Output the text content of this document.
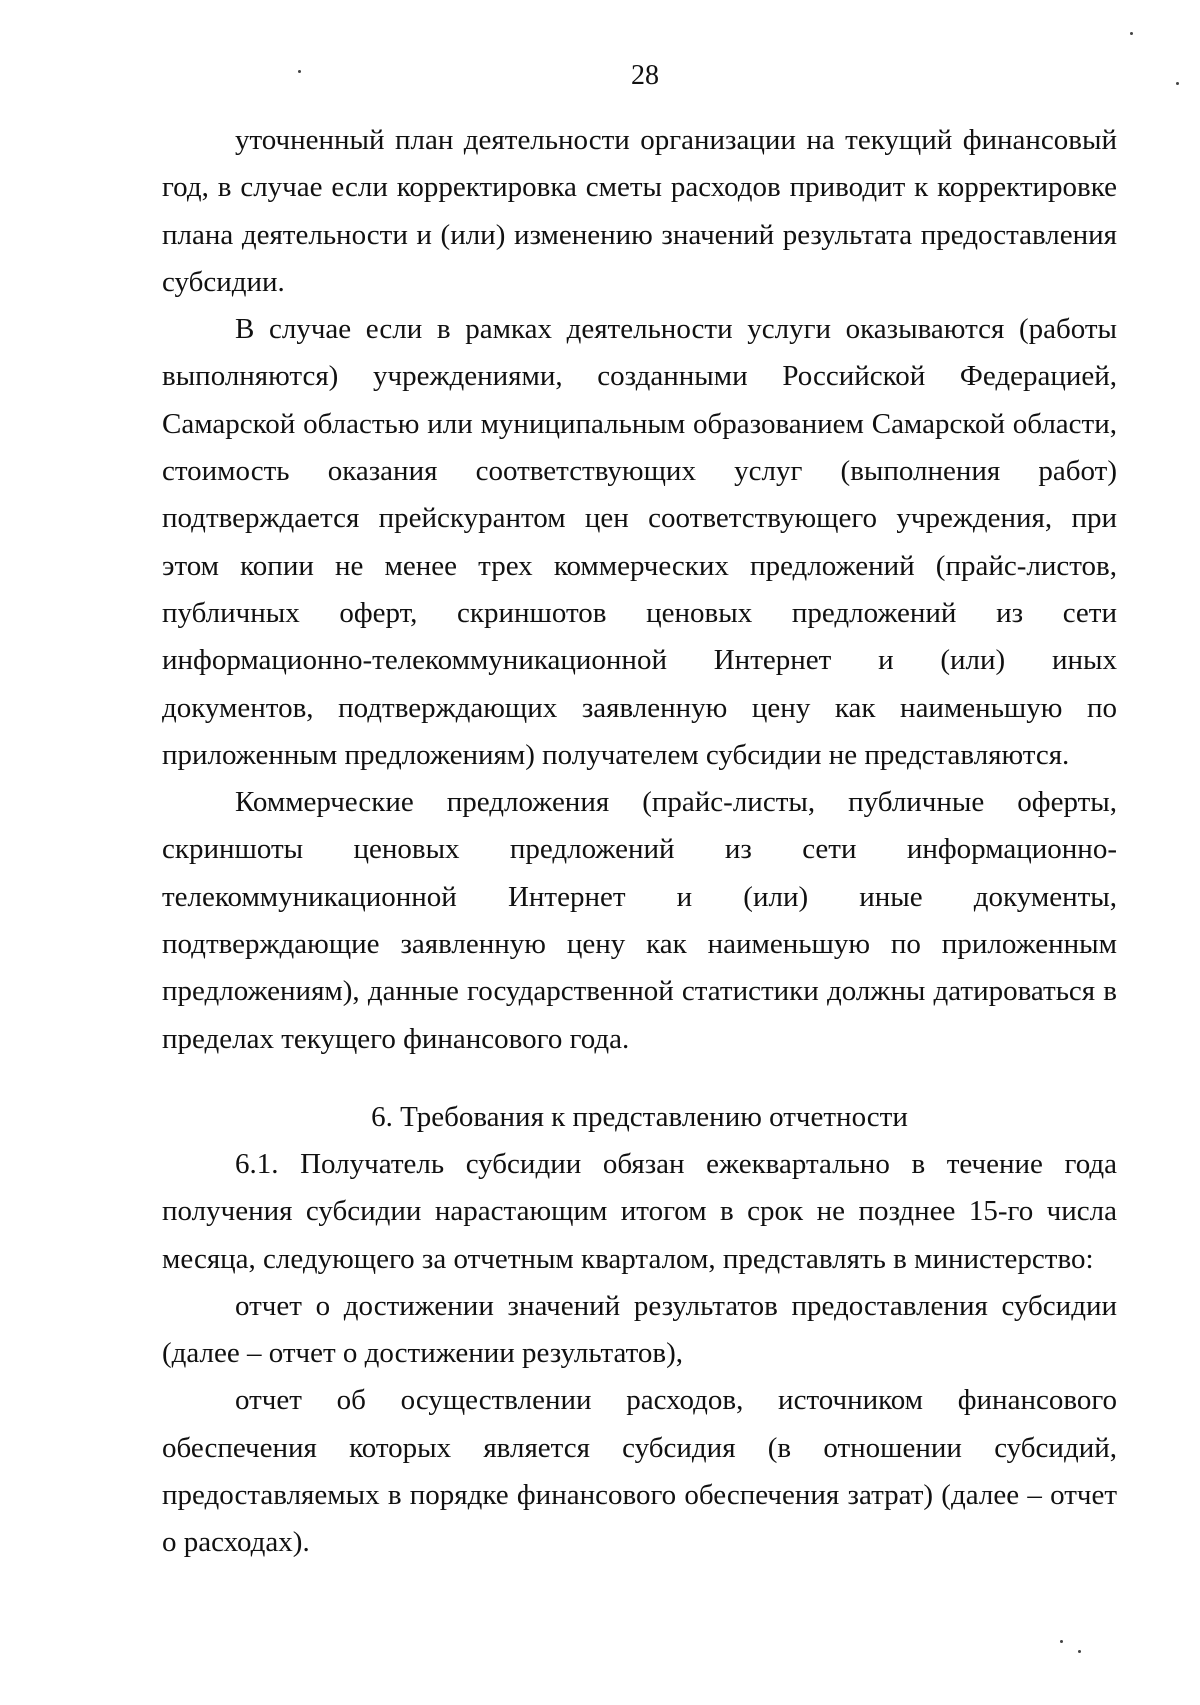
28

уточненный план деятельности организации на текущий финансовый год, в случае если корректировка сметы расходов приводит к корректировке плана деятельности и (или) изменению значений результата предоставления субсидии.

В случае если в рамках деятельности услуги оказываются (работы выполняются) учреждениями, созданными Российской Федерацией, Самарской областью или муниципальным образованием Самарской области, стоимость оказания соответствующих услуг (выполнения работ) подтверждается прейскурантом цен соответствующего учреждения, при этом копии не менее трех коммерческих предложений (прайс-листов, публичных оферт, скриншотов ценовых предложений из сети информационно-телекоммуникационной Интернет и (или) иных документов, подтверждающих заявленную цену как наименьшую по приложенным предложениям) получателем субсидии не представляются.

Коммерческие предложения (прайс-листы, публичные оферты, скриншоты ценовых предложений из сети информационно-телекоммуникационной Интернет и (или) иные документы, подтверждающие заявленную цену как наименьшую по приложенным предложениям), данные государственной статистики должны датироваться в пределах текущего финансового года.

6. Требования к представлению отчетности

6.1. Получатель субсидии обязан ежеквартально в течение года получения субсидии нарастающим итогом в срок не позднее 15-го числа месяца, следующего за отчетным кварталом, представлять в министерство:

отчет о достижении значений результатов предоставления субсидии (далее – отчет о достижении результатов),

отчет об осуществлении расходов, источником финансового обеспечения которых является субсидия (в отношении субсидий, предоставляемых в порядке финансового обеспечения затрат) (далее – отчет о расходах).
